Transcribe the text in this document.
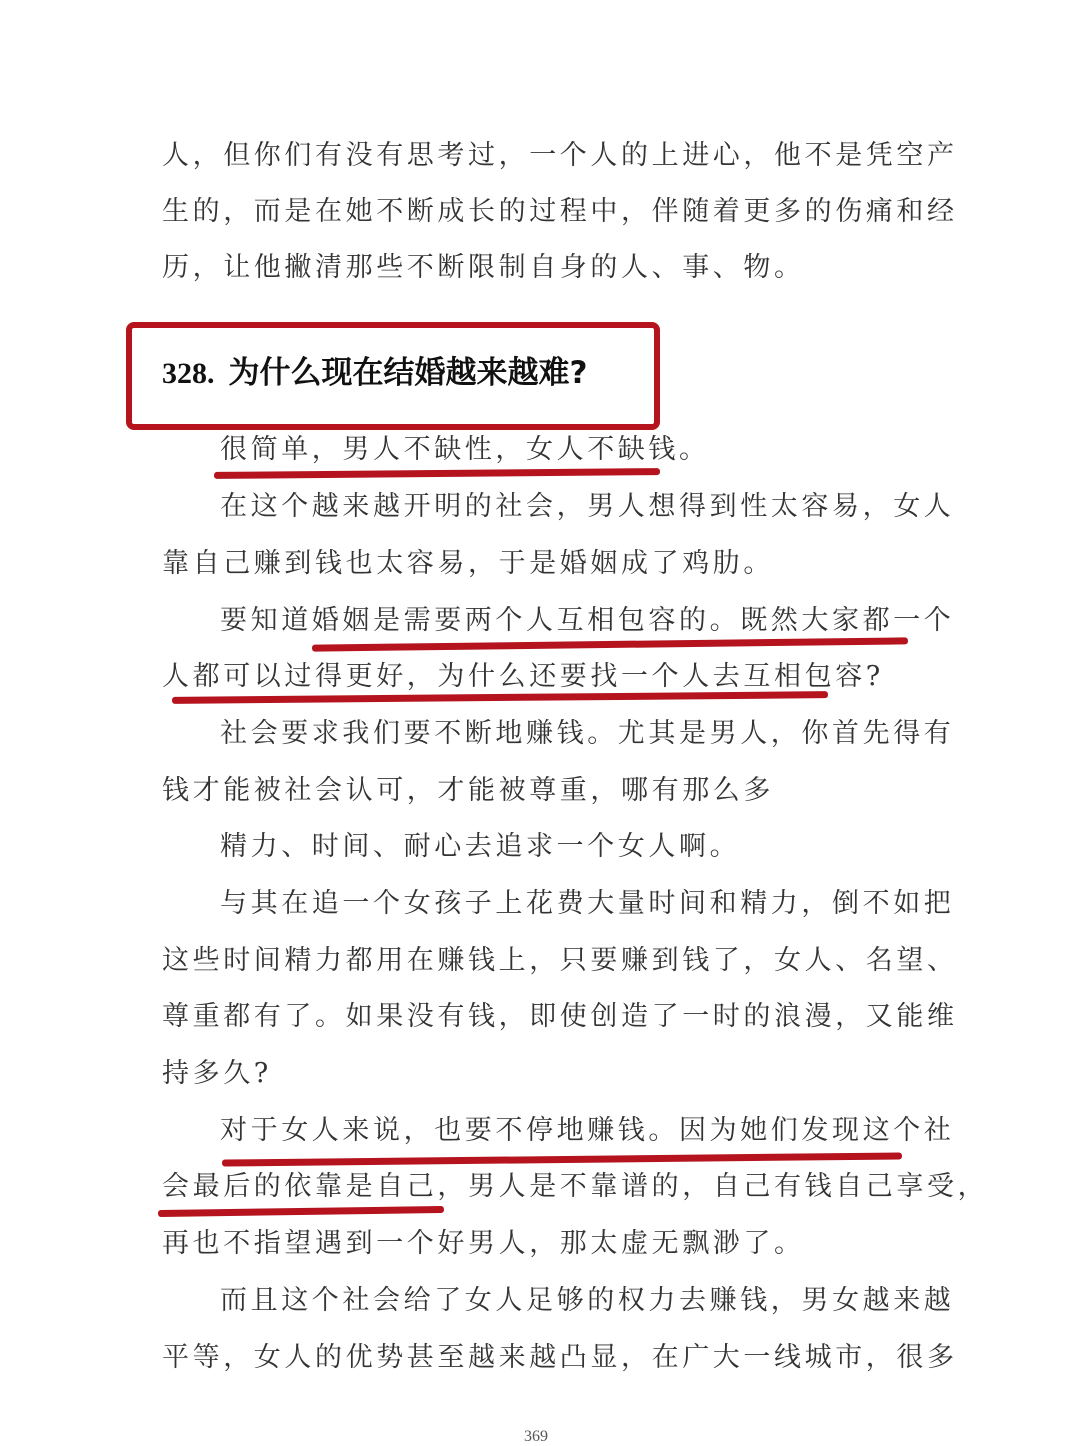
人，但你们有没有思考过，一个人的上进心，他不是凭空产
生的，而是在她不断成长的过程中，伴随着更多的伤痛和经
历，让他撇清那些不断限制自身的人、事、物。
328. 为什么现在结婚越来越难?
很简单，男人不缺性，女人不缺钱。
在这个越来越开明的社会，男人想得到性太容易，女人
靠自己赚到钱也太容易，于是婚姻成了鸡肋。
要知道婚姻是需要两个人互相包容的。既然大家都一个
人都可以过得更好，为什么还要找一个人去互相包容?
社会要求我们要不断地赚钱。尤其是男人，你首先得有
钱才能被社会认可，才能被尊重，哪有那么多
精力、时间、耐心去追求一个女人啊。
与其在追一个女孩子上花费大量时间和精力，倒不如把
这些时间精力都用在赚钱上，只要赚到钱了，女人、名望、
尊重都有了。如果没有钱，即使创造了一时的浪漫，又能维
持多久?
对于女人来说，也要不停地赚钱。因为她们发现这个社
会最后的依靠是自己，男人是不靠谱的，自己有钱自己享受，
再也不指望遇到一个好男人，那太虚无飘渺了。
而且这个社会给了女人足够的权力去赚钱，男女越来越
平等，女人的优势甚至越来越凸显，在广大一线城市，很多
369
